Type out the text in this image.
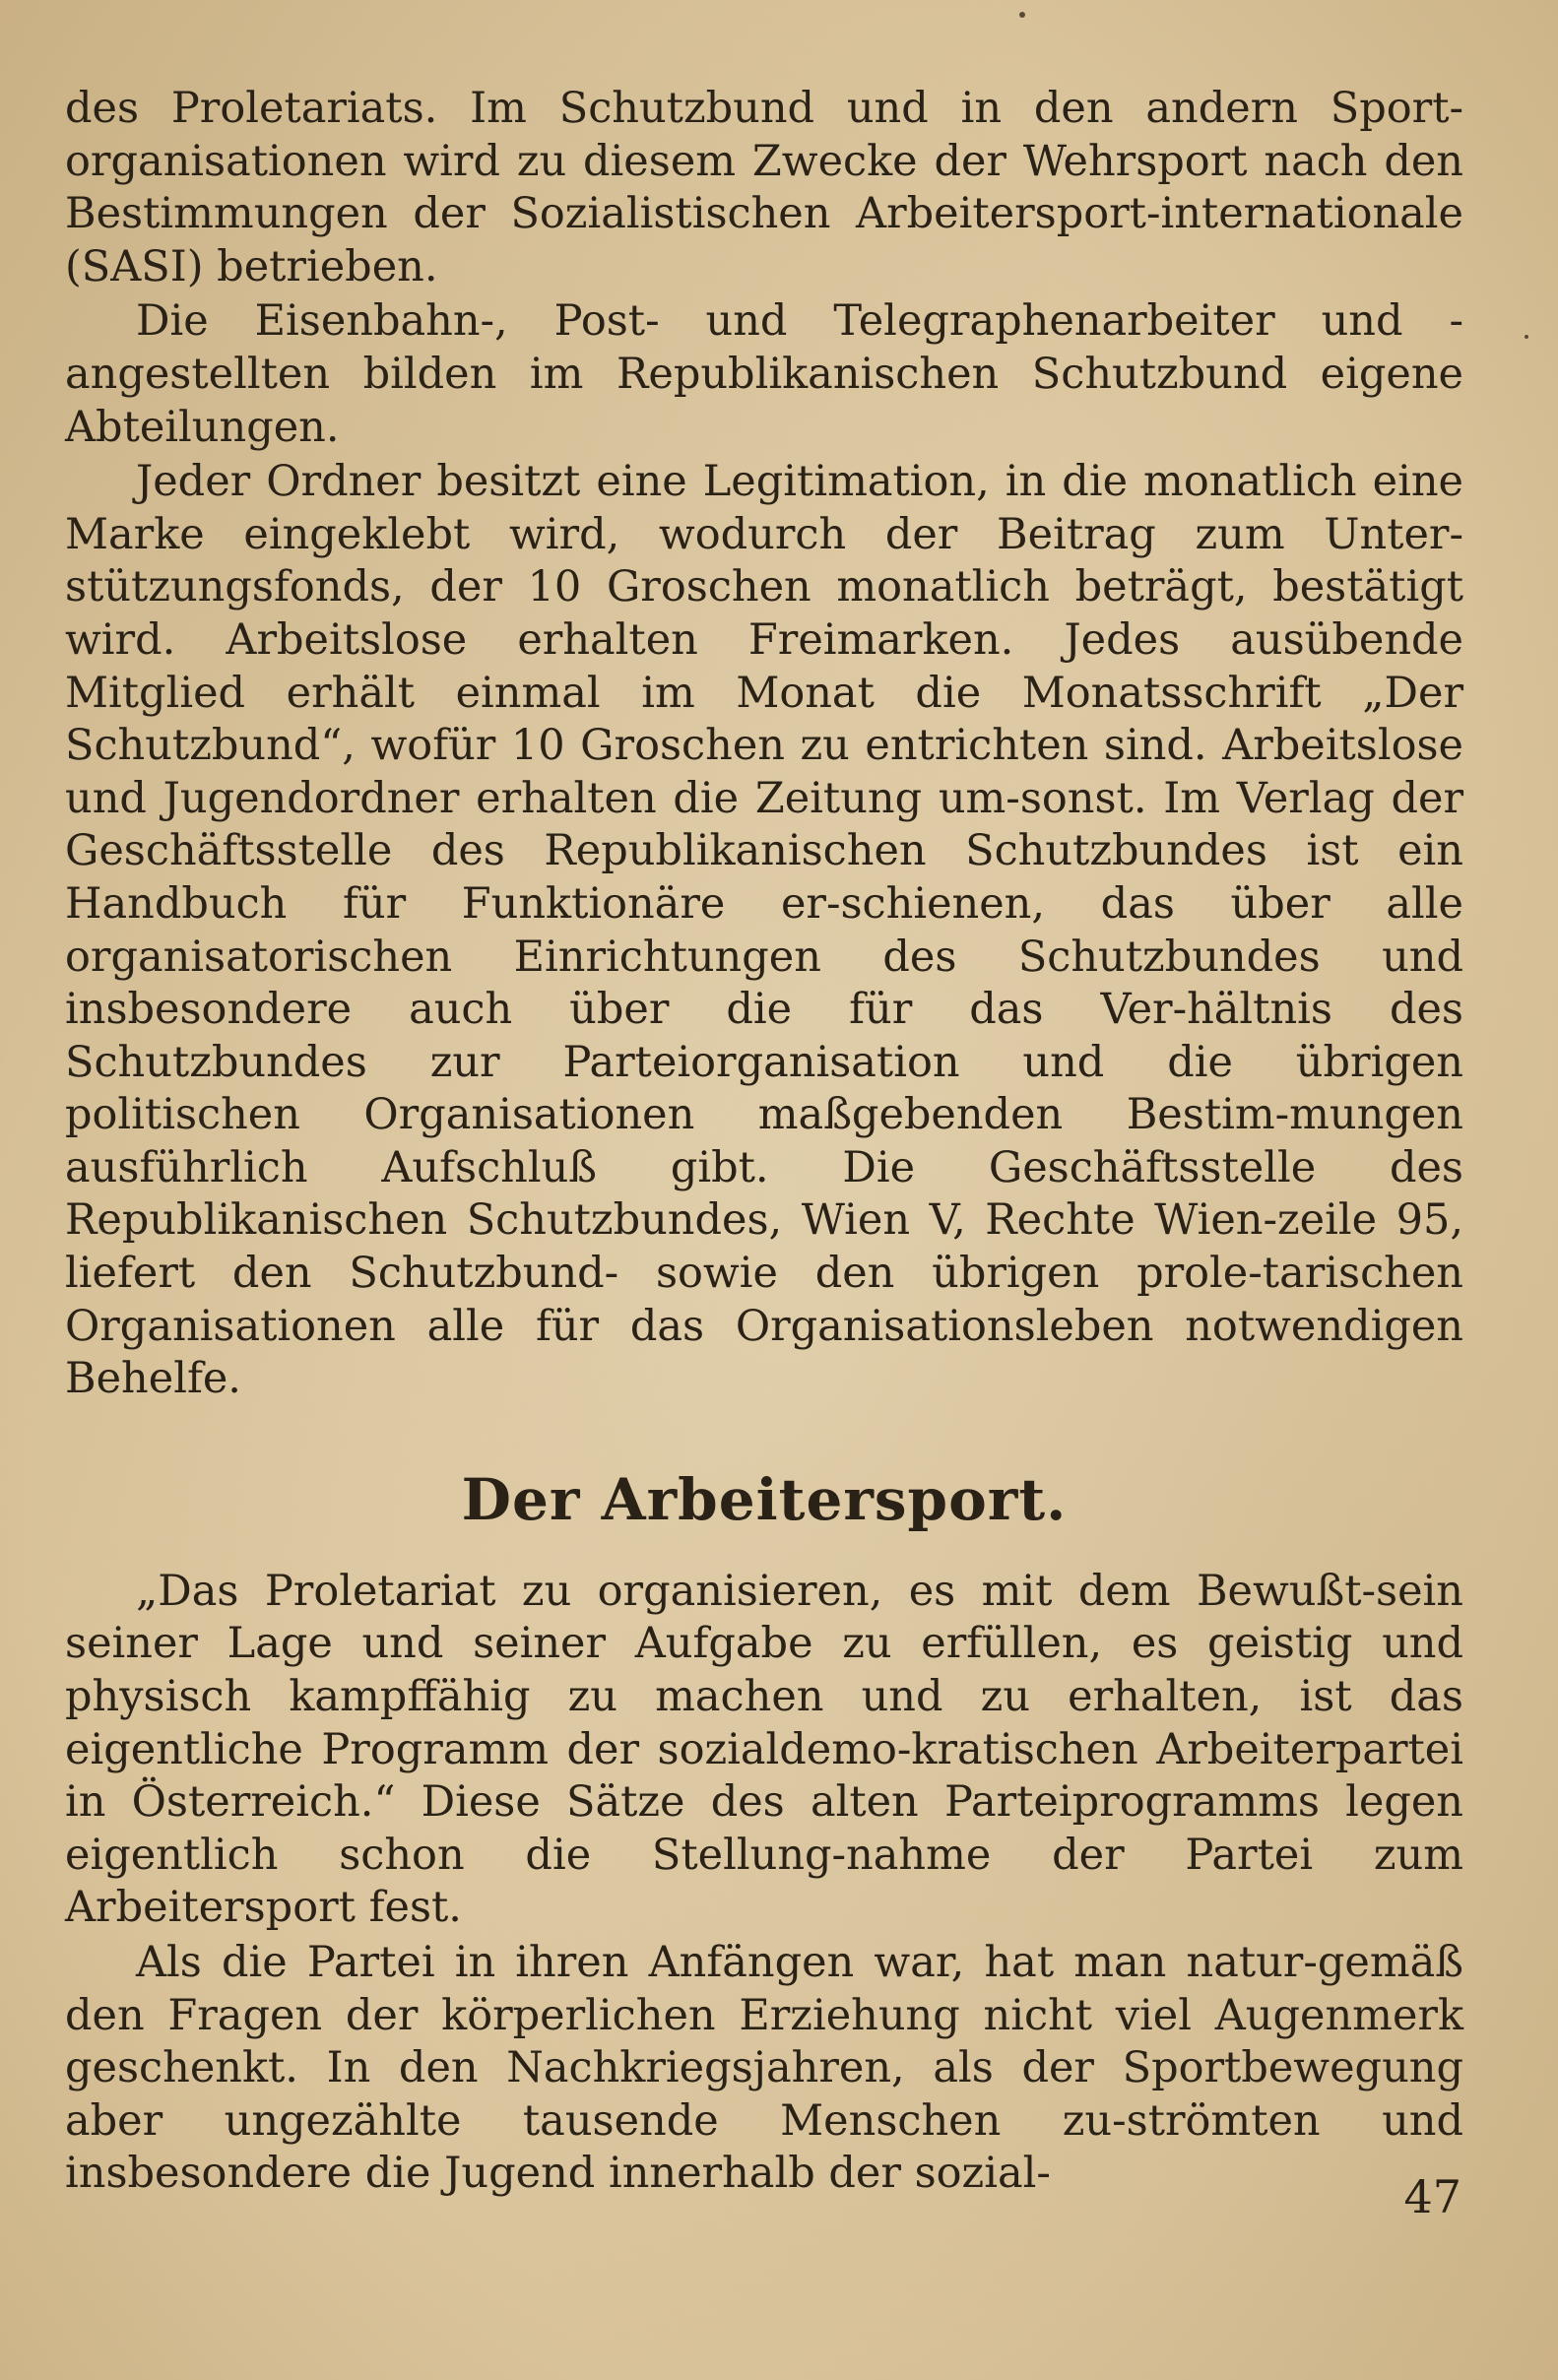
des Proletariats. Im Schutzbund und in den andern Sport-organisationen wird zu diesem Zwecke der Wehrsport nach den Bestimmungen der Sozialistischen Arbeitersport-internationale (SASI) betrieben.

Die Eisenbahn-, Post- und Telegraphenarbeiter und -angestellten bilden im Republikanischen Schutzbund eigene Abteilungen.

Jeder Ordner besitzt eine Legitimation, in die monatlich eine Marke eingeklebt wird, wodurch der Beitrag zum Unter-stützungsfonds, der 10 Groschen monatlich beträgt, bestätigt wird. Arbeitslose erhalten Freimarken. Jedes ausübende Mitglied erhält einmal im Monat die Monatsschrift „Der Schutzbund“, wofür 10 Groschen zu entrichten sind. Arbeitslose und Jugendordner erhalten die Zeitung um-sonst. Im Verlag der Geschäftsstelle des Republikanischen Schutzbundes ist ein Handbuch für Funktionäre er-schienen, das über alle organisatorischen Einrichtungen des Schutzbundes und insbesondere auch über die für das Ver-hältnis des Schutzbundes zur Parteiorganisation und die übrigen politischen Organisationen maßgebenden Bestim-mungen ausführlich Aufschluß gibt. Die Geschäftsstelle des Republikanischen Schutzbundes, Wien V, Rechte Wien-zeile 95, liefert den Schutzbund- sowie den übrigen prole-tarischen Organisationen alle für das Organisationsleben notwendigen Behelfe.

Der Arbeitersport.

„Das Proletariat zu organisieren, es mit dem Bewußt-sein seiner Lage und seiner Aufgabe zu erfüllen, es geistig und physisch kampffähig zu machen und zu erhalten, ist das eigentliche Programm der sozialdemo-kratischen Arbeiterpartei in Österreich.“ Diese Sätze des alten Parteiprogramms legen eigentlich schon die Stellung-nahme der Partei zum Arbeitersport fest.

Als die Partei in ihren Anfängen war, hat man natur-gemäß den Fragen der körperlichen Erziehung nicht viel Augenmerk geschenkt. In den Nachkriegsjahren, als der Sportbewegung aber ungezählte tausende Menschen zu-strömten und insbesondere die Jugend innerhalb der sozial-	47
